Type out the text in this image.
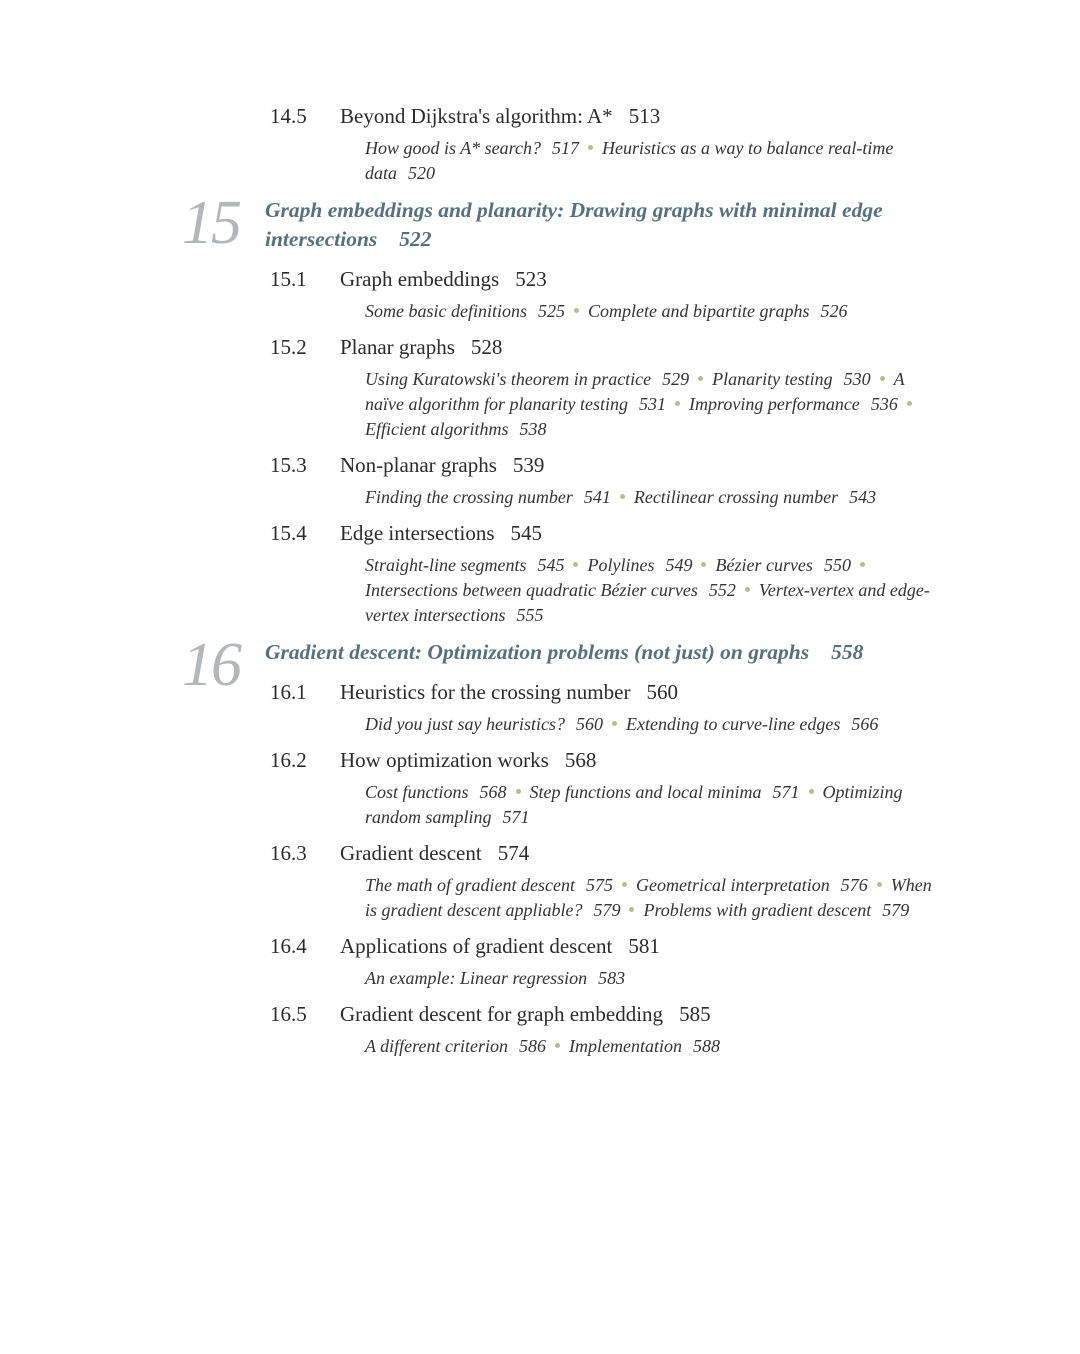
14.5	Beyond Dijkstra's algorithm: A* 513
How good is A* search? 517 Heuristics as a way to balance real-time data 520
15 Graph embeddings and planarity: Drawing graphs with minimal edge intersections 522
15.1	Graph embeddings 523
Some basic definitions 525 Complete and bipartite graphs 526
15.2	Planar graphs 528
Using Kuratowski's theorem in practice 529 Planarity testing 530 A naïve algorithm for planarity testing 531 Improving performance 536Efficient algorithms 538
15.3	Non-planar graphs 539
Finding the crossing number 541 Rectilinear crossing number 543
15.4	Edge intersections 545
Straight-line segments 545 Polylines 549 Bézier curves 550Intersections between quadratic Bézier curves 552 Vertex-vertex and edge-vertex intersections 555
16 Gradient descent: Optimization problems (not just) on graphs 558
16.1	Heuristics for the crossing number 560
Did you just say heuristics? 560 Extending to curve-line edges 566
16.2	How optimization works 568
Cost functions 568 Step functions and local minima 571 Optimizing random sampling 571
16.3	Gradient descent 574
The math of gradient descent 575 Geometrical interpretation 576 When is gradient descent appliable? 579 Problems with gradient descent 579
16.4	Applications of gradient descent 581
An example: Linear regression 583
16.5	Gradient descent for graph embedding 585
A different criterion 586 Implementation 588
